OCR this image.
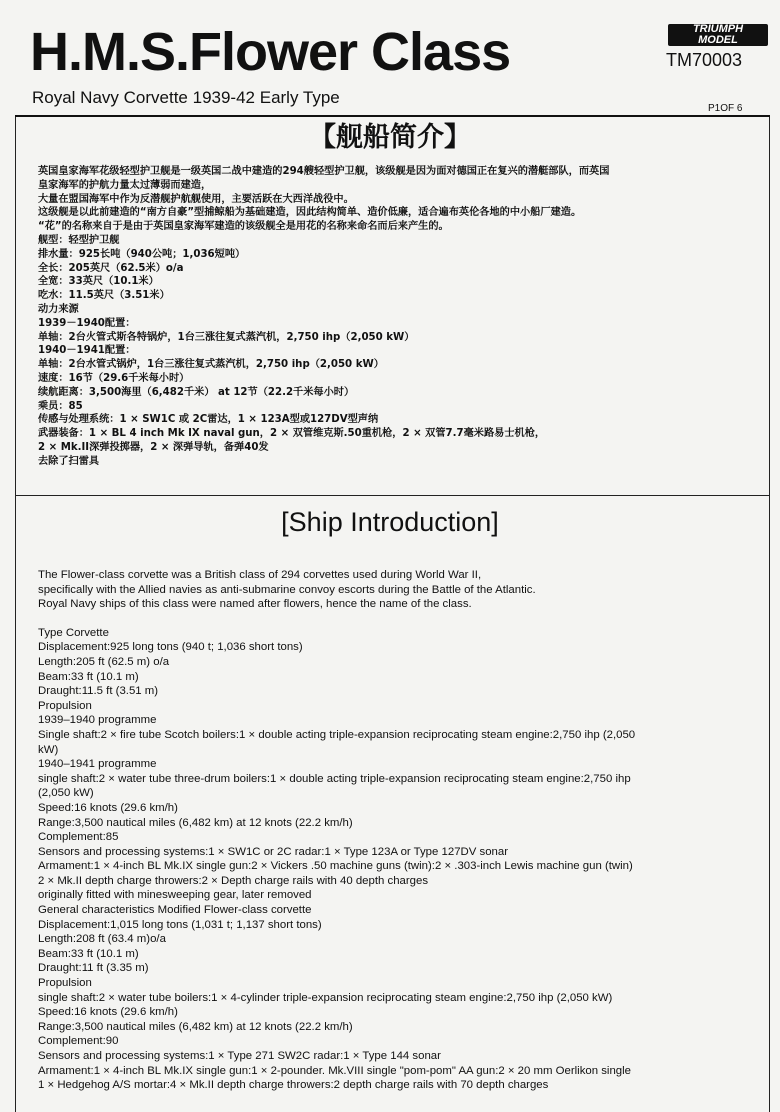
H.M.S.Flower Class
Royal Navy Corvette 1939-42 Early Type
TRIUMPH
MODEL
TM70003
P1OF 6
【舰船简介】
英国皇家海军花级轻型护卫舰是一级英国二战中建造的294艘轻型护卫舰，该级舰是因为面对德国正在复兴的潜艇部队，而英国
皇家海军的护航力量太过薄弱而建造，
大量在盟国海军中作为反潜舰护航舰使用，主要活跃在大西洋战役中。
这级舰是以此前建造的“南方自豪”型捕鲸船为基础建造，因此结构简单、造价低廉，适合遍布英伦各地的中小船厂建造。
“花”的名称来自于是由于英国皇家海军建造的该级舰全是用花的名称来命名而后来产生的。
舰型：轻型护卫舰
排水量：925长吨（940公吨；1,036短吨）
全长：205英尺（62.5米）o/a
全宽：33英尺（10.1米）
吃水：11.5英尺（3.51米）
动力来源
1939－1940配置：
单轴：2台火管式斯各特锅炉，1台三涨往复式蒸汽机，2,750 ihp（2,050 kW）
1940－1941配置：
单轴：2台水管式锅炉，1台三涨往复式蒸汽机，2,750 ihp（2,050 kW）
速度：16节（29.6千米每小时）
续航距离：3,500海里（6,482千米） at 12节（22.2千米每小时）
乘员：85
传感与处理系统：1 × SW1C 或 2C雷达，1 × 123A型或127DV型声纳
武器装备：1 × BL 4 inch Mk IX naval gun，2 × 双管维克斯.50重机枪，2 × 双管7.7毫米路易士机枪，
2 × Mk.II深弹投掷器，2 × 深弹导轨，备弹40发
去除了扫雷具
[Ship Introduction]
The Flower-class corvette was a British class of 294 corvettes used during World War II,
specifically with the Allied navies as anti-submarine convoy escorts during the Battle of the Atlantic.
Royal Navy ships of this class were named after flowers, hence the name of the class.
Type Corvette
Displacement:925 long tons (940 t; 1,036 short tons)
Length:205 ft (62.5 m) o/a
Beam:33 ft (10.1 m)
Draught:11.5 ft (3.51 m)
Propulsion
1939–1940 programme
Single shaft:2 × fire tube Scotch boilers:1 × double acting triple-expansion reciprocating steam engine:2,750 ihp (2,050
kW)
1940–1941 programme
single shaft:2 × water tube three-drum boilers:1 × double acting triple-expansion reciprocating steam engine:2,750 ihp
(2,050 kW)
Speed:16 knots (29.6 km/h)
Range:3,500 nautical miles (6,482 km) at 12 knots (22.2 km/h)
Complement:85
Sensors and processing systems:1 × SW1C or 2C radar:1 × Type 123A or Type 127DV sonar
Armament:1 × 4-inch BL Mk.IX single gun:2 × Vickers .50 machine guns (twin):2 × .303-inch Lewis machine gun (twin)
2 × Mk.II depth charge throwers:2 × Depth charge rails with 40 depth charges
originally fitted with minesweeping gear, later removed
General characteristics Modified Flower-class corvette
Displacement:1,015 long tons (1,031 t; 1,137 short tons)
Length:208 ft (63.4 m)o/a
Beam:33 ft (10.1 m)
Draught:11 ft (3.35 m)
Propulsion
single shaft:2 × water tube boilers:1 × 4-cylinder triple-expansion reciprocating steam engine:2,750 ihp (2,050 kW)
Speed:16 knots (29.6 km/h)
Range:3,500 nautical miles (6,482 km) at 12 knots (22.2 km/h)
Complement:90
Sensors and processing systems:1 × Type 271 SW2C radar:1 × Type 144 sonar
Armament:1 × 4-inch BL Mk.IX single gun:1 × 2-pounder. Mk.VIII single "pom-pom" AA gun:2 × 20 mm Oerlikon single
1 × Hedgehog A/S mortar:4 × Mk.II depth charge throwers:2 depth charge rails with 70 depth charges
